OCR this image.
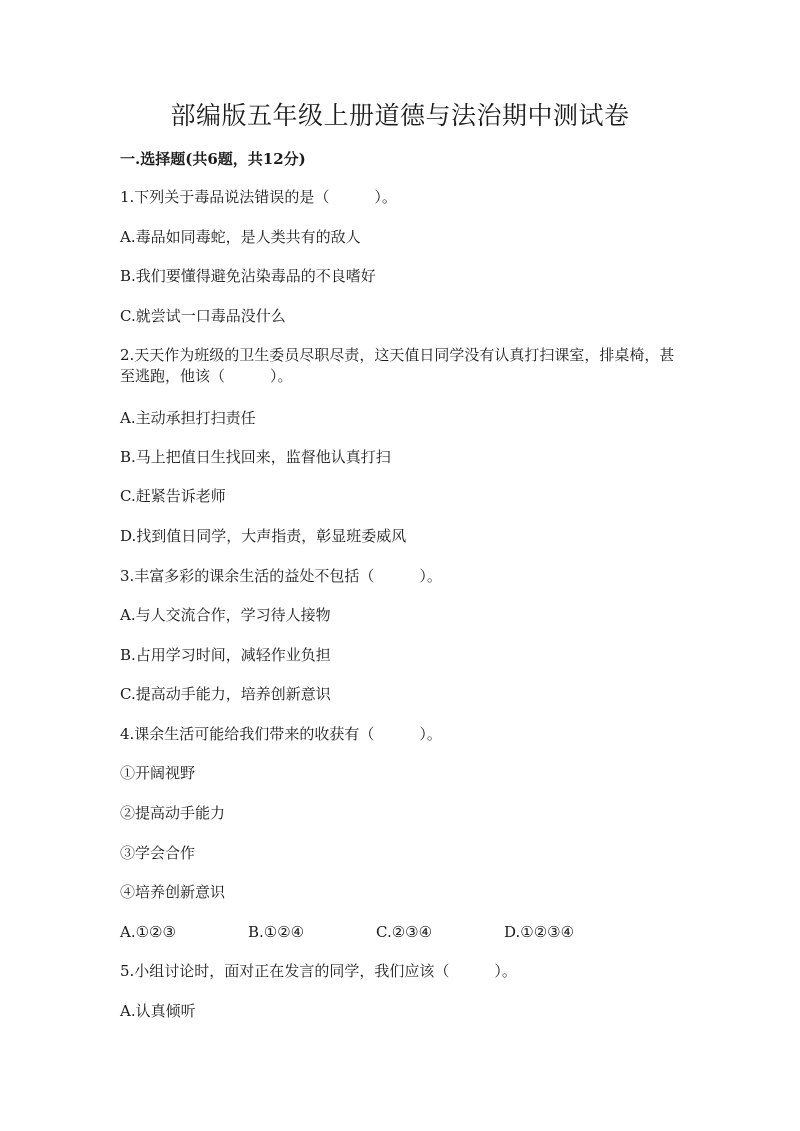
部编版五年级上册道德与法治期中测试卷

一.选择题(共6题，共12分)

1.下列关于毒品说法错误的是（　　　）。

A.毒品如同毒蛇，是人类共有的敌人

B.我们要懂得避免沾染毒品的不良嗜好

C.就尝试一口毒品没什么

2.天天作为班级的卫生委员尽职尽责，这天值日同学没有认真打扫课室，排桌椅，甚至逃跑，他该（　　　）。

A.主动承担打扫责任

B.马上把值日生找回来，监督他认真打扫

C.赶紧告诉老师

D.找到值日同学，大声指责，彰显班委威风

3.丰富多彩的课余生活的益处不包括（　　　）。

A.与人交流合作，学习待人接物

B.占用学习时间，减轻作业负担

C.提高动手能力，培养创新意识

4.课余生活可能给我们带来的收获有（　　　）。

①开阔视野

②提高动手能力

③学会合作

④培养创新意识

A.①②③	B.①②④	C.②③④	D.①②③④

5.小组讨论时，面对正在发言的同学，我们应该（　　　）。

A.认真倾听
